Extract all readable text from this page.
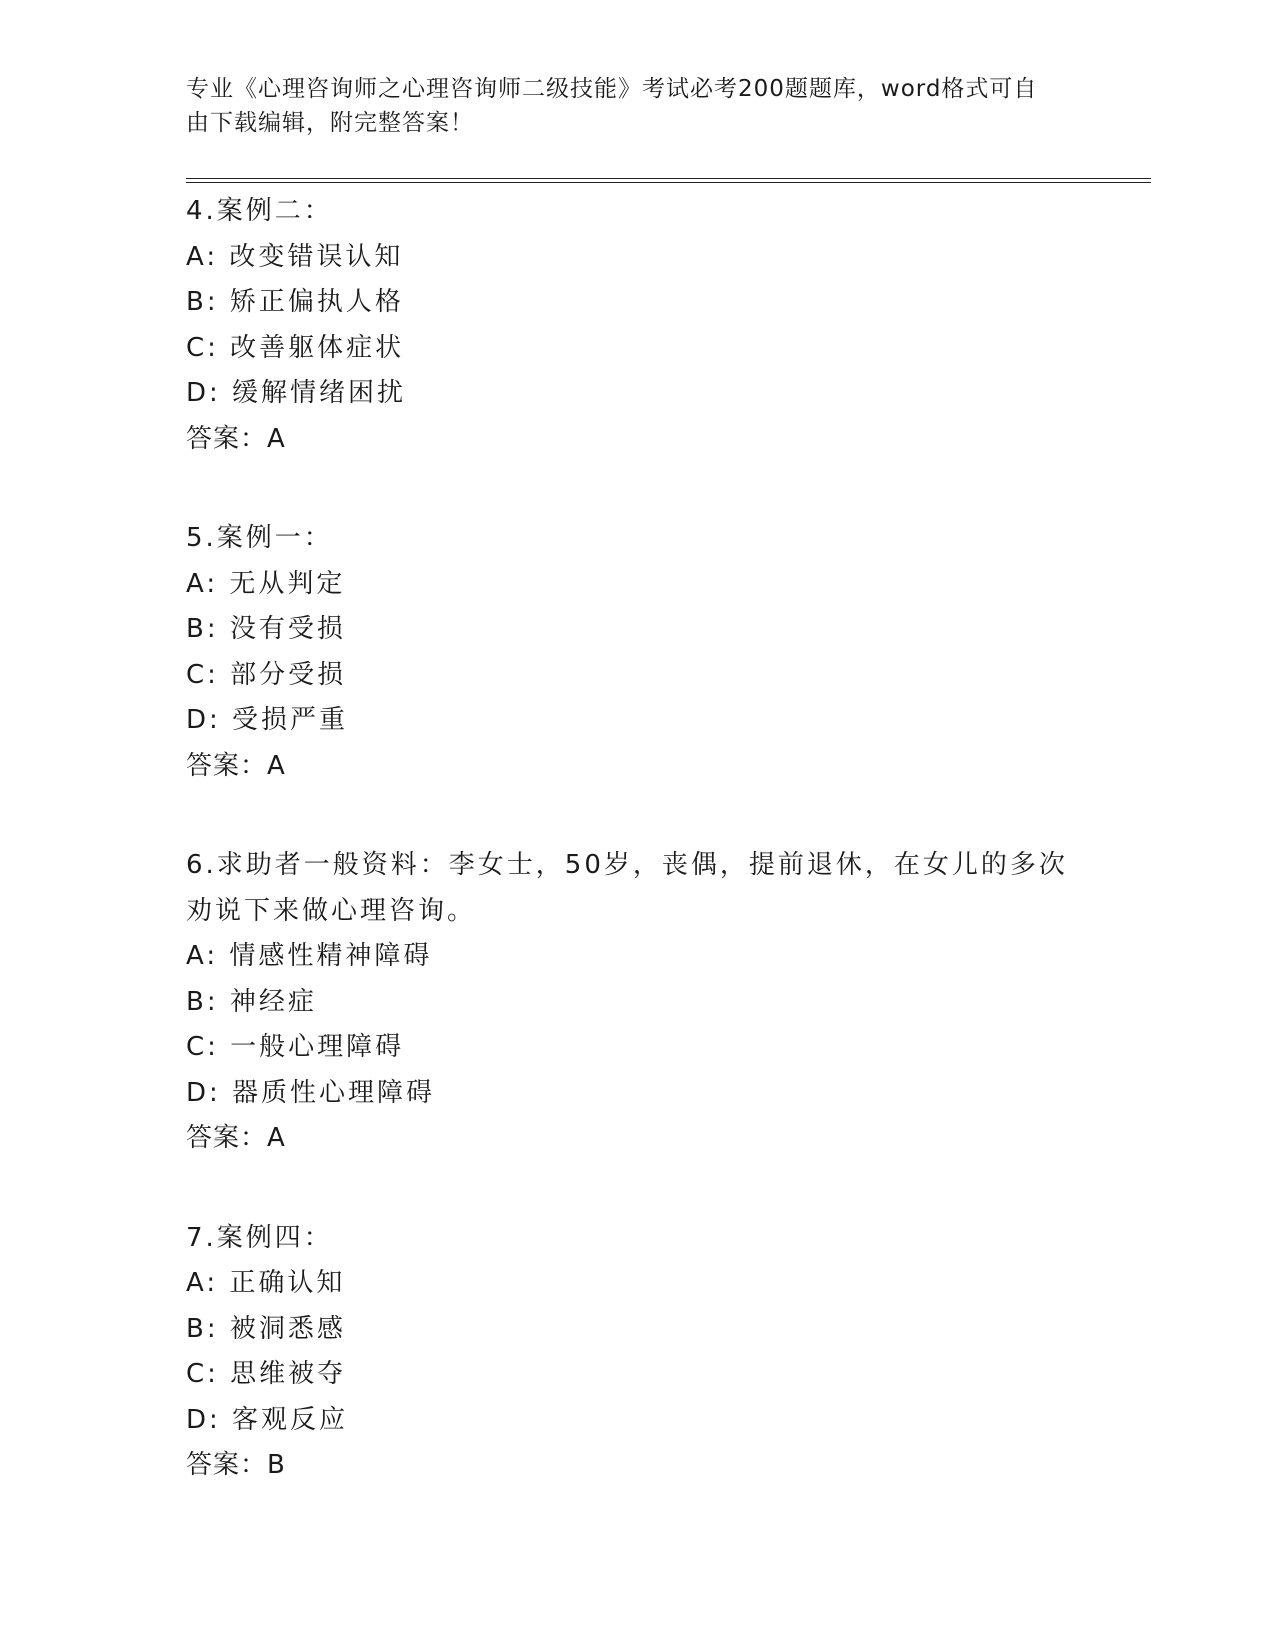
专业《心理咨询师之心理咨询师二级技能》考试必考200题题库，word格式可自
由下载编辑，附完整答案！
4.案例二：
A: 改变错误认知
B: 矫正偏执人格
C: 改善躯体症状
D: 缓解情绪困扰
答案：A
5.案例一：
A: 无从判定
B: 没有受损
C: 部分受损
D: 受损严重
答案：A
6.求助者一般资料：李女士，50岁，丧偶，提前退休，在女儿的多次
劝说下来做心理咨询。
A: 情感性精神障碍
B: 神经症
C: 一般心理障碍
D: 器质性心理障碍
答案：A
7.案例四：
A: 正确认知
B: 被洞悉感
C: 思维被夺
D: 客观反应
答案：B
